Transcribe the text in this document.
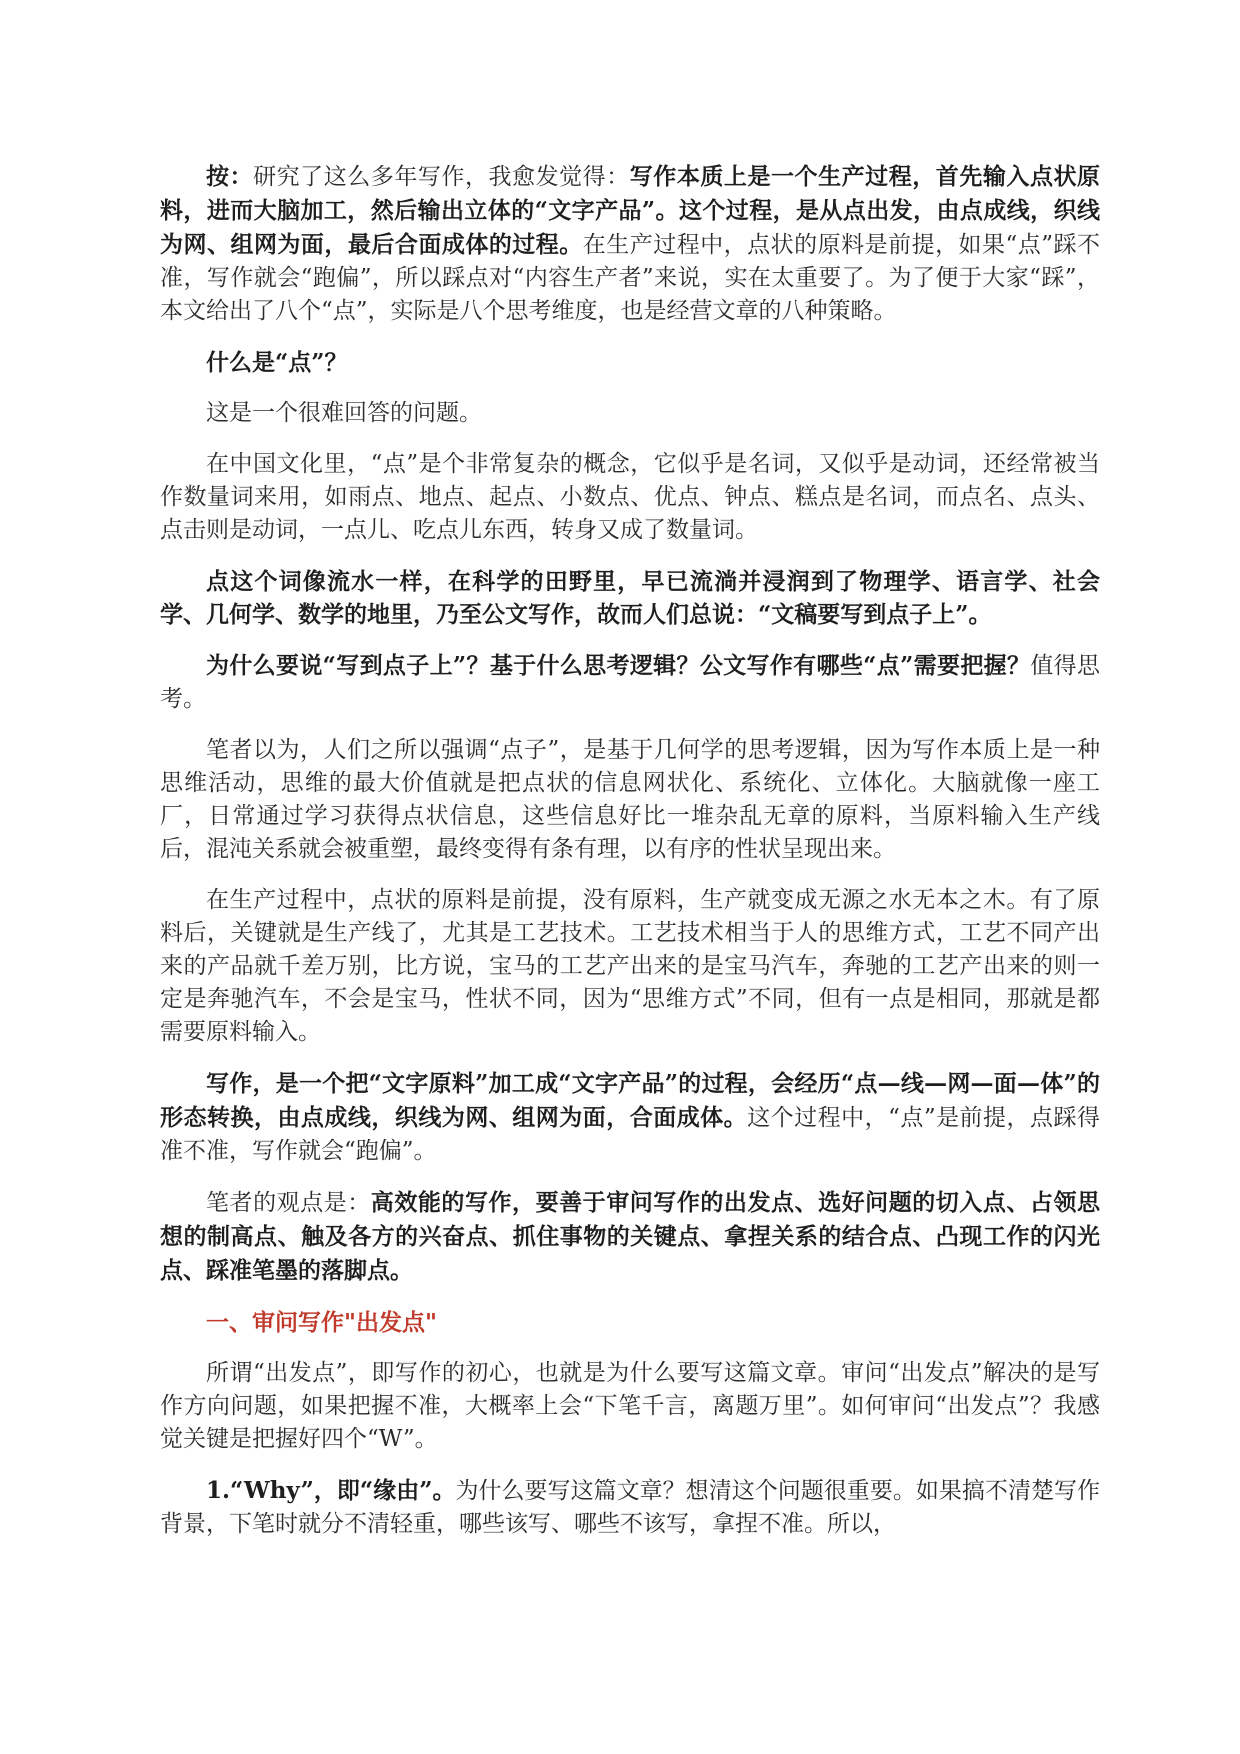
按：研究了这么多年写作，我愈发觉得：写作本质上是一个生产过程，首先输入点状原料，进而大脑加工，然后输出立体的“文字产品”。这个过程，是从点出发，由点成线，织线为网、组网为面，最后合面成体的过程。在生产过程中，点状的原料是前提，如果“点”踩不准，写作就会“跑偏”，所以踩点对“内容生产者”来说，实在太重要了。为了便于大家“踩”，本文给出了八个“点”，实际是八个思考维度，也是经营文章的八种策略。

什么是“点”？

这是一个很难回答的问题。

在中国文化里，“点”是个非常复杂的概念，它似乎是名词，又似乎是动词，还经常被当作数量词来用，如雨点、地点、起点、小数点、优点、钟点、糕点是名词，而点名、点头、点击则是动词，一点儿、吃点儿东西，转身又成了数量词。

点这个词像流水一样，在科学的田野里，早已流淌并浸润到了物理学、语言学、社会学、几何学、数学的地里，乃至公文写作，故而人们总说：“文稿要写到点子上”。

为什么要说“写到点子上”？基于什么思考逻辑？公文写作有哪些“点”需要把握？值得思考。

笔者以为，人们之所以强调“点子”，是基于几何学的思考逻辑，因为写作本质上是一种思维活动，思维的最大价值就是把点状的信息网状化、系统化、立体化。大脑就像一座工厂，日常通过学习获得点状信息，这些信息好比一堆杂乱无章的原料，当原料输入生产线后，混沌关系就会被重塑，最终变得有条有理，以有序的性状呈现出来。

在生产过程中，点状的原料是前提，没有原料，生产就变成无源之水无本之木。有了原料后，关键就是生产线了，尤其是工艺技术。工艺技术相当于人的思维方式，工艺不同产出来的产品就千差万别，比方说，宝马的工艺产出来的是宝马汽车，奔驰的工艺产出来的则一定是奔驰汽车，不会是宝马，性状不同，因为“思维方式”不同，但有一点是相同，那就是都需要原料输入。

写作，是一个把“文字原料”加工成“文字产品”的过程，会经历“点—线—网—面—体”的形态转换，由点成线，织线为网、组网为面，合面成体。这个过程中，“点”是前提，点踩得准不准，写作就会“跑偏”。

笔者的观点是：高效能的写作，要善于审问写作的出发点、选好问题的切入点、占领思想的制高点、触及各方的兴奋点、抓住事物的关键点、拿捏关系的结合点、凸现工作的闪光点、踩准笔墨的落脚点。

一、审问写作"出发点"

所谓“出发点”，即写作的初心，也就是为什么要写这篇文章。审问“出发点”解决的是写作方向问题，如果把握不准，大概率上会“下笔千言，离题万里”。如何审问“出发点”？我感觉关键是把握好四个“W”。

1.“Why”，即“缘由”。为什么要写这篇文章？想清这个问题很重要。如果搞不清楚写作背景，下笔时就分不清轻重，哪些该写、哪些不该写，拿捏不准。所以，
